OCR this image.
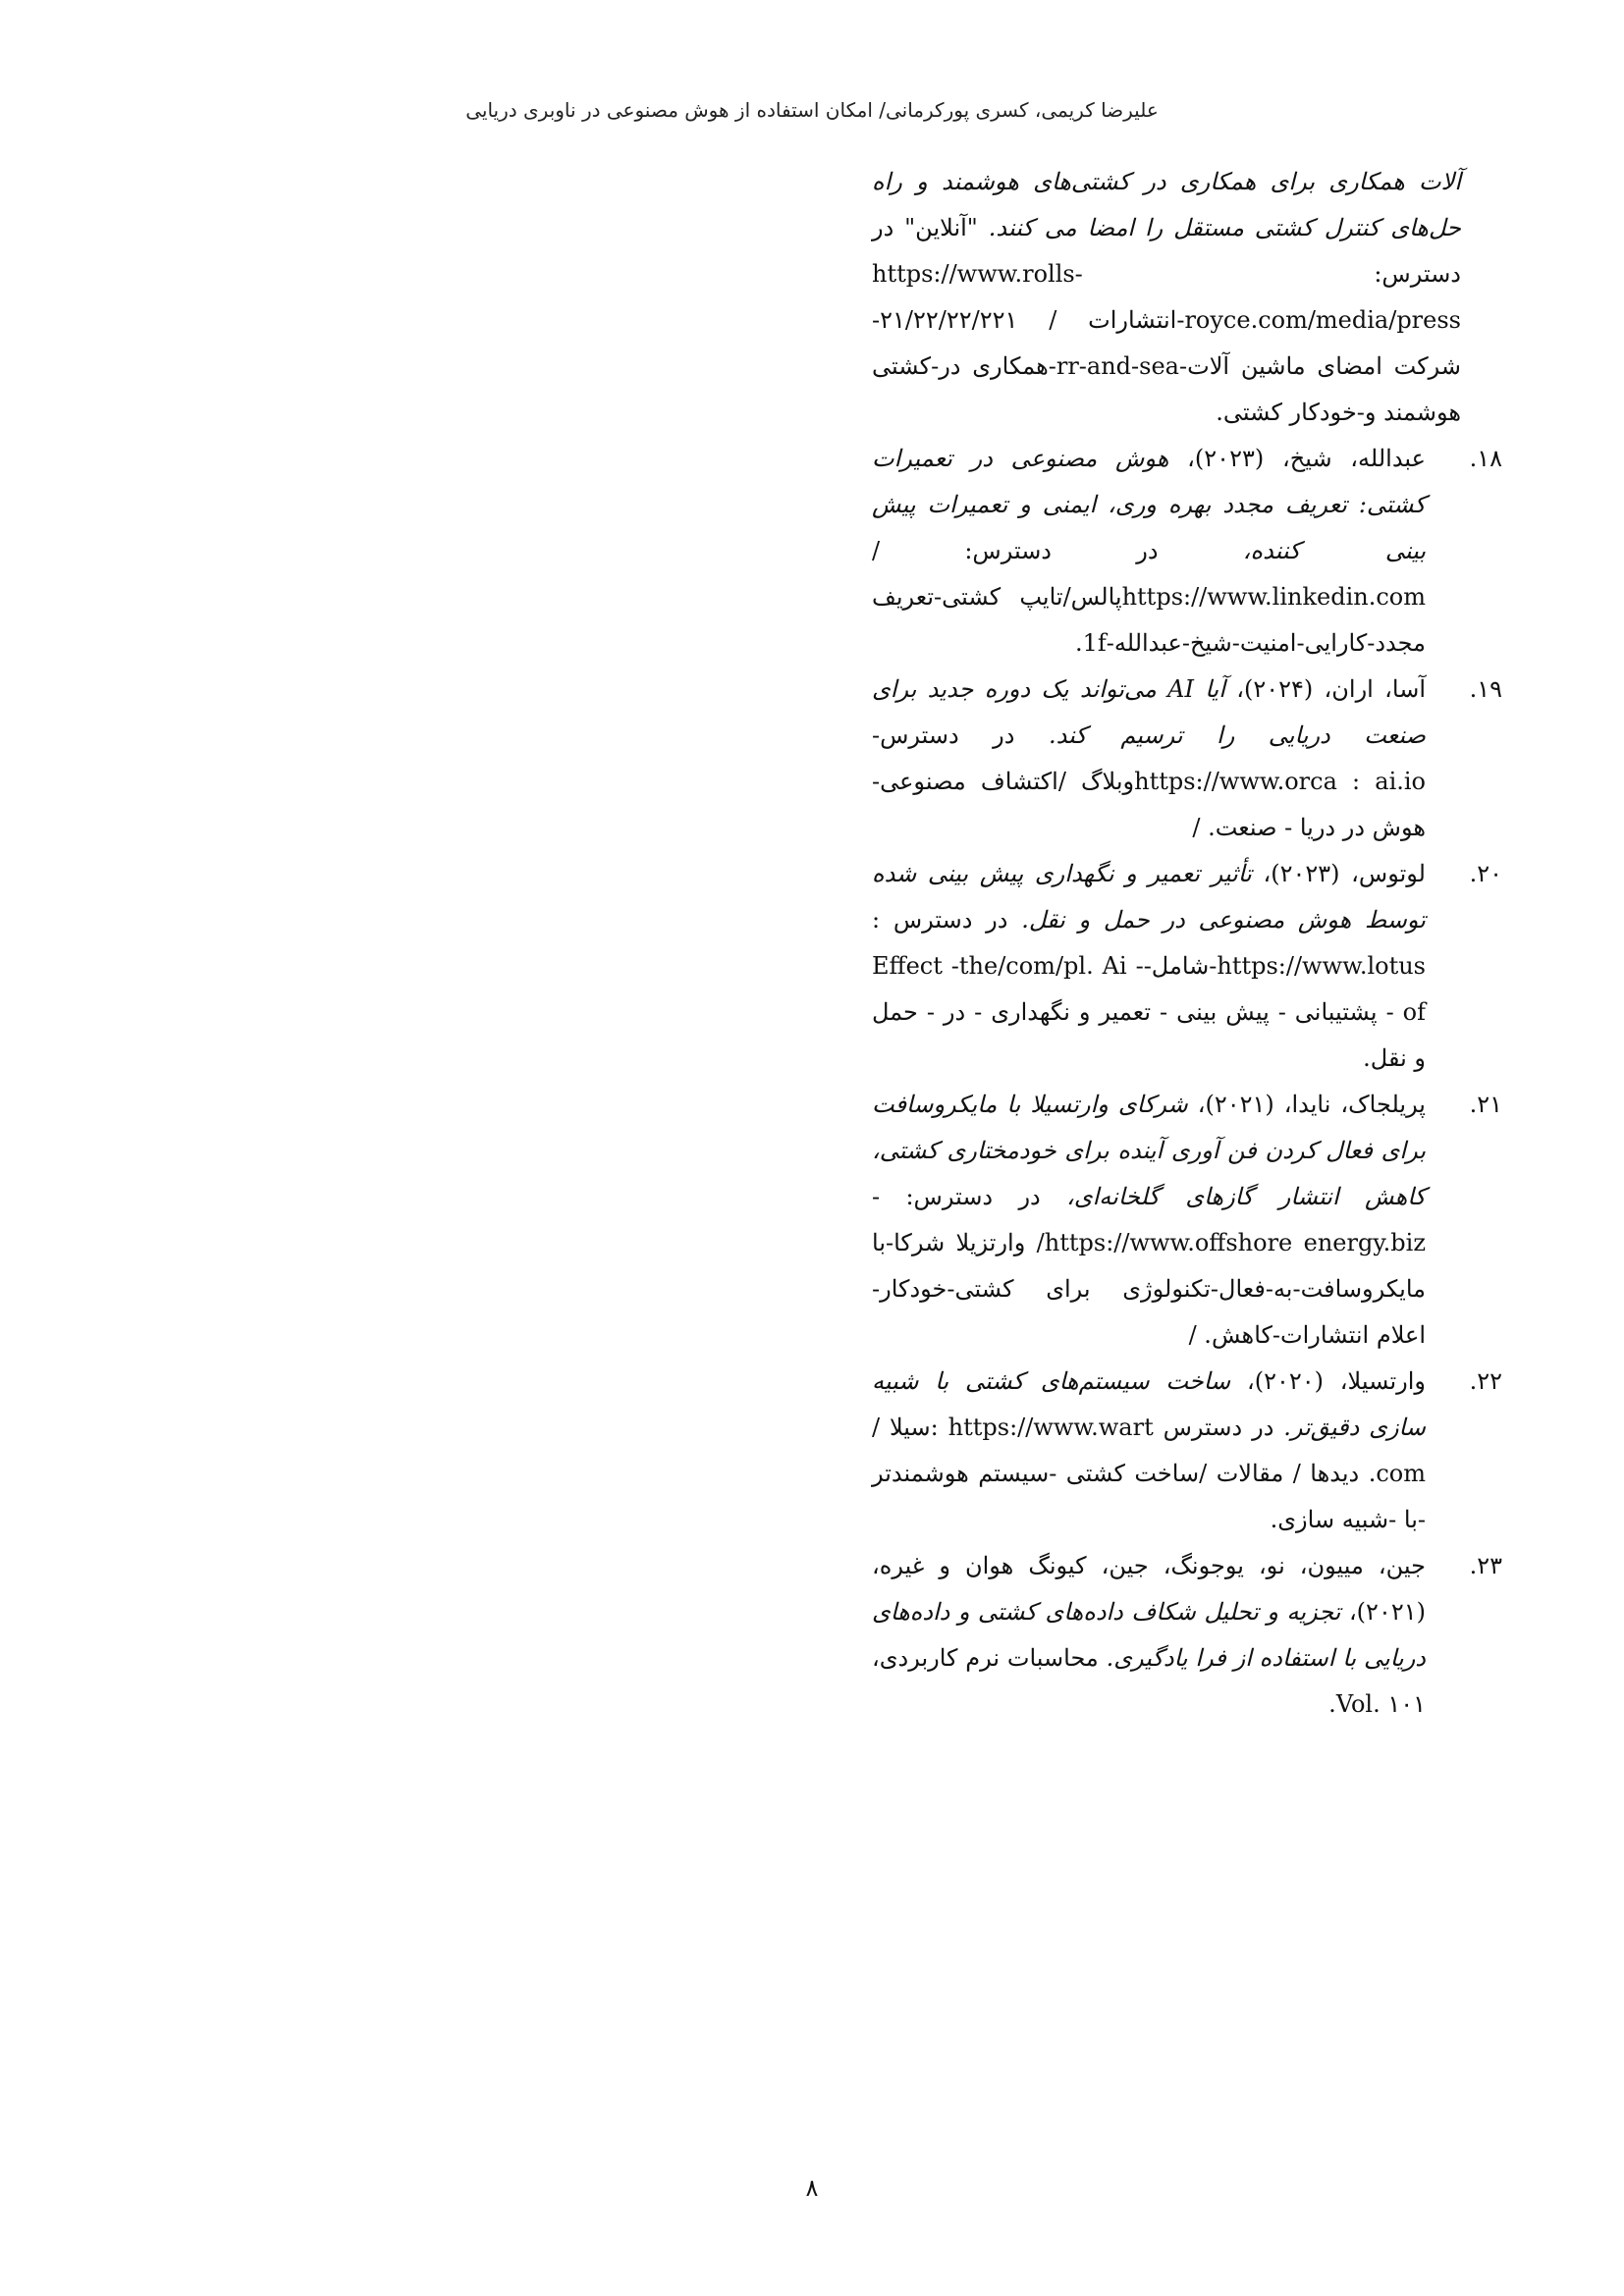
علیرضا کریمی، کسری پورکرمانی/ امکان استفاده از هوش مصنوعی در ناوبری دریایی

آلات همکاری برای همکاری در کشتی‌های هوشمند و راه حل‌های کنترل کشتی مستقل را امضا می کنند. "آنلاین" در دسترس: https://www.rolls-royce.com/media/press-انتشارات / ۲۱/۲۲/۲۲/۲۲۱-شرکت امضای ماشین آلات-rr-and-sea-همکاری در-کشتی هوشمند و-خودکار کشتی.

۱۸.
عبدالله، شیخ، (۲۰۲۳)، هوش مصنوعی در تعمیرات کشتی: تعریف مجدد بهره وری، ایمنی و تعمیرات پیش بینی کننده، در دسترس: / https://www.linkedin.comپالس/تایپ کشتی-تعریف مجدد-کارایی-امنیت-شیخ-عبدالله-1f.

۱۹.
آسا، اران، (۲۰۲۴)، آیا AI می‌تواند یک دوره جدید برای صنعت دریایی را ترسیم کند. در دسترس-https://www.orca : ai.ioوبلاگ /اکتشاف مصنوعی- هوش در دریا - صنعت. /

۲۰.
لوتوس، (۲۰۲۳)، تأثیر تعمیر و نگهداری پیش بینی شده توسط هوش مصنوعی در حمل و نقل. در دسترس : https://www.lotus-شامل-Effect -the/com/pl. Ai - of - پشتیبانی - پیش بینی - تعمیر و نگهداری - در - حمل و نقل.

۲۱.
پریلجاک، نایدا، (۲۰۲۱)، شرکای وارتسیلا با مایکروسافت برای فعال کردن فن آوری آینده برای خودمختاری کشتی، کاهش انتشار گازهای گلخانه‌ای، در دسترس: -https://www.offshore energy.biz/ وارتزیلا شرکا-با مایکروسافت-به-فعال-تکنولوژی برای کشتی-خودکار-اعلام انتشارات-کاهش. /

۲۲.
وارتسیلا، (۲۰۲۰)، ساخت سیستم‌های کشتی با شبیه سازی دقیق‌تر. در دسترس https://www.wart :سیلا / com. دیدها / مقالات /ساخت کشتی -سیستم هوشمندتر -با -شبیه سازی.

۲۳.
جین، مییون، نو، یوجونگ، جین، کیونگ هوان و غیره، (۲۰۲۱)، تجزیه و تحلیل شکاف داده‌های کشتی و داده‌های دریایی با استفاده از فرا یادگیری. محاسبات نرم کاربردی، Vol. ۱۰۱.

۸
